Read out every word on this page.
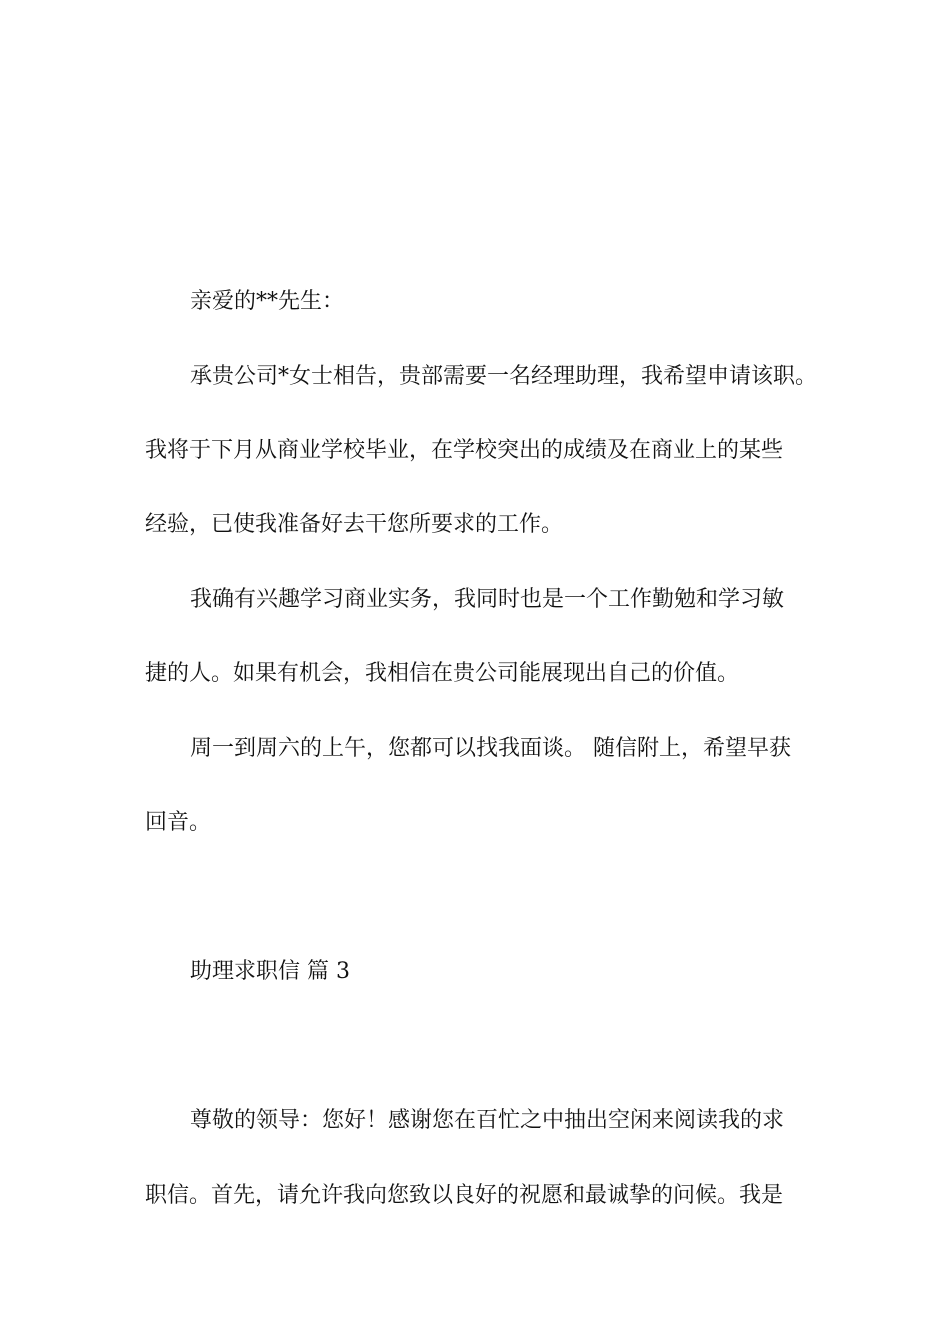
亲爱的**先生：
承贵公司*女士相告，贵部需要一名经理助理，我希望申请该职。
我将于下月从商业学校毕业，在学校突出的成绩及在商业上的某些
经验，已使我准备好去干您所要求的工作。
我确有兴趣学习商业实务，我同时也是一个工作勤勉和学习敏
捷的人。如果有机会，我相信在贵公司能展现出自己的价值。
周一到周六的上午，您都可以找我面谈。 随信附上，希望早获
回音。
助理求职信 篇 3
尊敬的领导：您好！感谢您在百忙之中抽出空闲来阅读我的求
职信。首先，请允许我向您致以良好的祝愿和最诚挚的问候。我是
